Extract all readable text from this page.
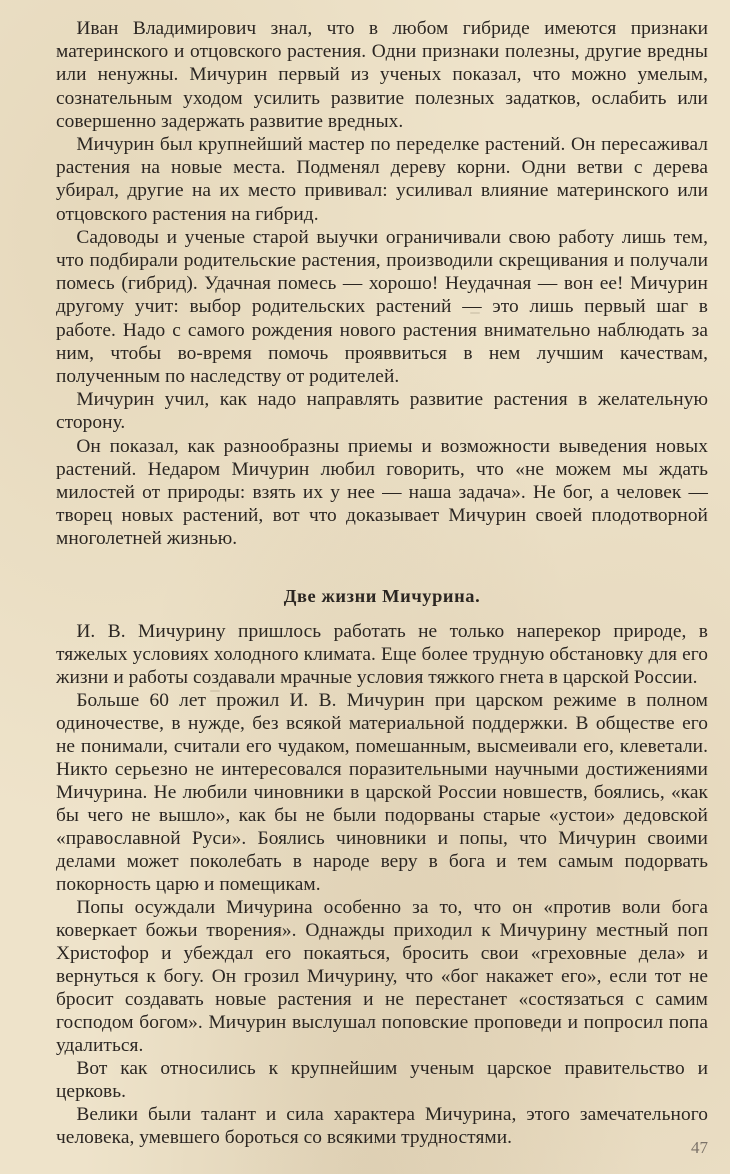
Иван Владимирович знал, что в любом гибриде имеются признаки материнского и отцовского растения. Одни признаки полезны, другие вредны или ненужны. Мичурин первый из ученых показал, что можно умелым, сознательным уходом усилить развитие полезных задатков, ослабить или совершенно задержать развитие вредных.

Мичурин был крупнейший мастер по переделке растений. Он пересаживал растения на новые места. Подменял дереву корни. Одни ветви с дерева убирал, другие на их место прививал: усиливал влияние материнского или отцовского растения на гибрид.

Садоводы и ученые старой выучки ограничивали свою работу лишь тем, что подбирали родительские растения, производили скрещивания и получали помесь (гибрид). Удачная помесь — хорошо! Неудачная — вон ее! Мичурин другому учит: выбор родительских растений — это лишь первый шаг в работе. Надо с самого рождения нового растения внимательно наблюдать за ним, чтобы во-время помочь прояввиться в нем лучшим качествам, полученным по наследству от родителей.

Мичурин учил, как надо направлять развитие растения в желательную сторону.

Он показал, как разнообразны приемы и возможности выведения новых растений. Недаром Мичурин любил говорить, что «не можем мы ждать милостей от природы: взять их у нее — наша задача». Не бог, а человек — творец новых растений, вот что доказывает Мичурин своей плодотворной многолетней жизнью.

Две жизни Мичурина.

И. В. Мичурину пришлось работать не только наперекор природе, в тяжелых условиях холодного климата. Еще более трудную обстановку для его жизни и работы создавали мрачные условия тяжкого гнета в царской России.

Больше 60 лет прожил И. В. Мичурин при царском режиме в полном одиночестве, в нужде, без всякой материальной поддержки. В обществе его не понимали, считали его чудаком, помешанным, высмеивали его, клеветали. Никто серьезно не интересовался поразительными научными достижениями Мичурина. Не любили чиновники в царской России новшеств, боялись, «как бы чего не вышло», как бы не были подорваны старые «устои» дедовской «православной Руси». Боялись чиновники и попы, что Мичурин своими делами может поколебать в народе веру в бога и тем самым подорвать покорность царю и помещикам.

Попы осуждали Мичурина особенно за то, что он «против воли бога коверкает божьи творения». Однажды приходил к Мичурину местный поп Христофор и убеждал его покаяться, бросить свои «греховные дела» и вернуться к богу. Он грозил Мичурину, что «бог накажет его», если тот не бросит создавать новые растения и не перестанет «состязаться с самим господом богом». Мичурин выслушал поповские проповеди и попросил попа удалиться.

Вот как относились к крупнейшим ученым царское правительство и церковь.

Велики были талант и сила характера Мичурина, этого замечательного человека, умевшего бороться со всякими трудностями.	47
